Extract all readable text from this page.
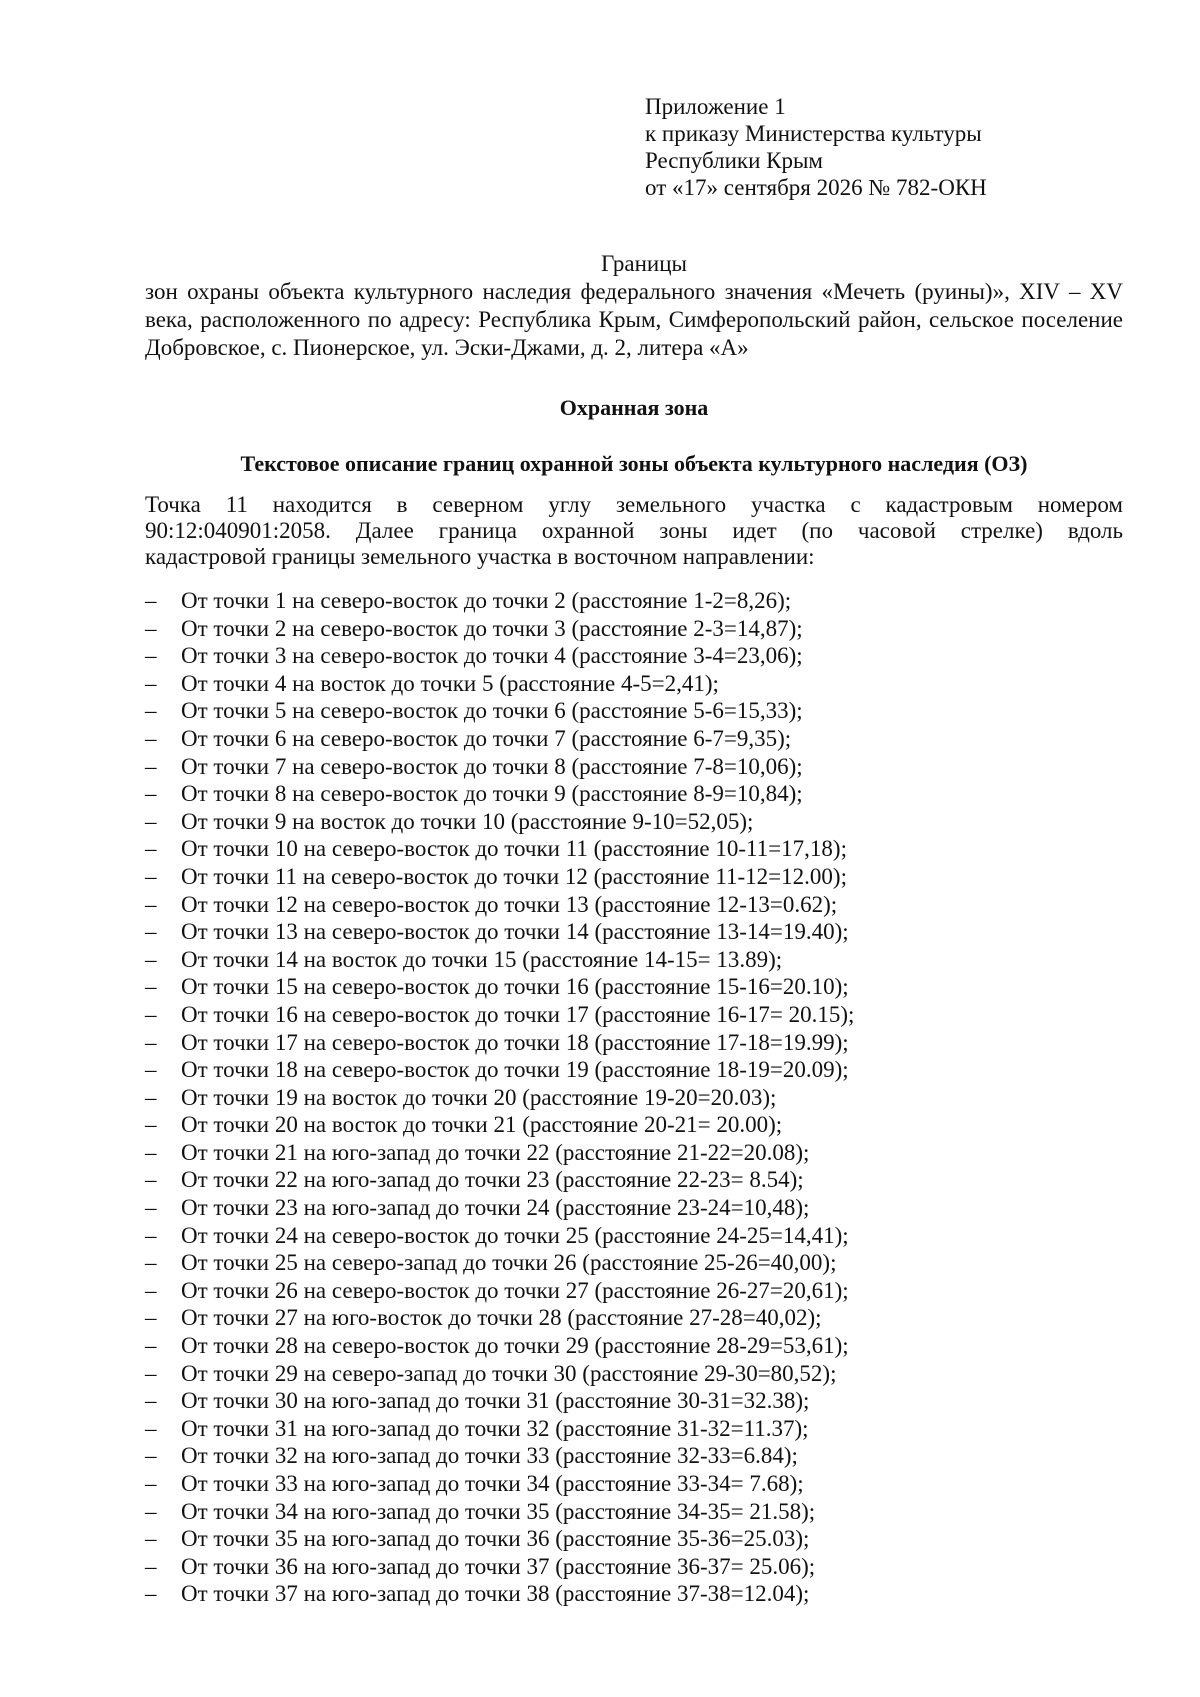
Приложение 1
к приказу Министерства культуры
Республики Крым
от «17» сентября 2026 № 782-ОКН
Границы
зон охраны объекта культурного наследия федерального значения «Мечеть (руины)», XIV – XV века, расположенного по адресу: Республика Крым, Симферопольский район, сельское поселение Добровское, с. Пионерское, ул. Эски-Джами, д. 2, литера «А»
Охранная зона
Текстовое описание границ охранной зоны объекта культурного наследия (ОЗ)

Точка 11 находится в северном углу земельного участка с кадастровым номером

90:12:040901:2058. Далее граница охранной зоны идет (по часовой стрелке) вдоль

кадастровой границы земельного участка в восточном направлении:

–	От точки 1 на северо-восток до точки 2 (расстояние 1-2=8,26);
–	От точки 2 на северо-восток до точки 3 (расстояние 2-3=14,87);
–	От точки 3 на северо-восток до точки 4 (расстояние 3-4=23,06);
–	От точки 4 на восток до точки 5 (расстояние 4-5=2,41);
–	От точки 5 на северо-восток до точки 6 (расстояние 5-6=15,33);
–	От точки 6 на северо-восток до точки 7 (расстояние 6-7=9,35);
–	От точки 7 на северо-восток до точки 8 (расстояние 7-8=10,06);
–	От точки 8 на северо-восток до точки 9 (расстояние 8-9=10,84);
–	От точки 9 на восток до точки 10 (расстояние 9-10=52,05);
–	От точки 10 на северо-восток до точки 11 (расстояние 10-11=17,18);
–	От точки 11 на северо-восток до точки 12 (расстояние 11-12=12.00);
–	От точки 12 на северо-восток до точки 13 (расстояние 12-13=0.62);
–	От точки 13 на северо-восток до точки 14 (расстояние 13-14=19.40);
–	От точки 14 на восток до точки 15 (расстояние 14-15= 13.89);
–	От точки 15 на северо-восток до точки 16 (расстояние 15-16=20.10);
–	От точки 16 на северо-восток до точки 17 (расстояние 16-17= 20.15);
–	От точки 17 на северо-восток до точки 18 (расстояние 17-18=19.99);
–	От точки 18 на северо-восток до точки 19 (расстояние 18-19=20.09);
–	От точки 19 на восток до точки 20 (расстояние 19-20=20.03);
–	От точки 20 на восток до точки 21 (расстояние 20-21= 20.00);
–	От точки 21 на юго-запад до точки 22 (расстояние 21-22=20.08);
–	От точки 22 на юго-запад до точки 23 (расстояние 22-23= 8.54);
–	От точки 23 на юго-запад до точки 24 (расстояние 23-24=10,48);
–	От точки 24 на северо-восток до точки 25 (расстояние 24-25=14,41);
–	От точки 25 на северо-запад до точки 26 (расстояние 25-26=40,00);
–	От точки 26 на северо-восток до точки 27 (расстояние 26-27=20,61);
–	От точки 27 на юго-восток до точки 28 (расстояние 27-28=40,02);
–	От точки 28 на северо-восток до точки 29 (расстояние 28-29=53,61);
–	От точки 29 на северо-запад до точки 30 (расстояние 29-30=80,52);
–	От точки 30 на юго-запад до точки 31 (расстояние 30-31=32.38);
–	От точки 31 на юго-запад до точки 32 (расстояние 31-32=11.37);
–	От точки 32 на юго-запад до точки 33 (расстояние 32-33=6.84);
–	От точки 33 на юго-запад до точки 34 (расстояние 33-34= 7.68);
–	От точки 34 на юго-запад до точки 35 (расстояние 34-35= 21.58);
–	От точки 35 на юго-запад до точки 36 (расстояние 35-36=25.03);
–	От точки 36 на юго-запад до точки 37 (расстояние 36-37= 25.06);
–	От точки 37 на юго-запад до точки 38 (расстояние 37-38=12.04);
